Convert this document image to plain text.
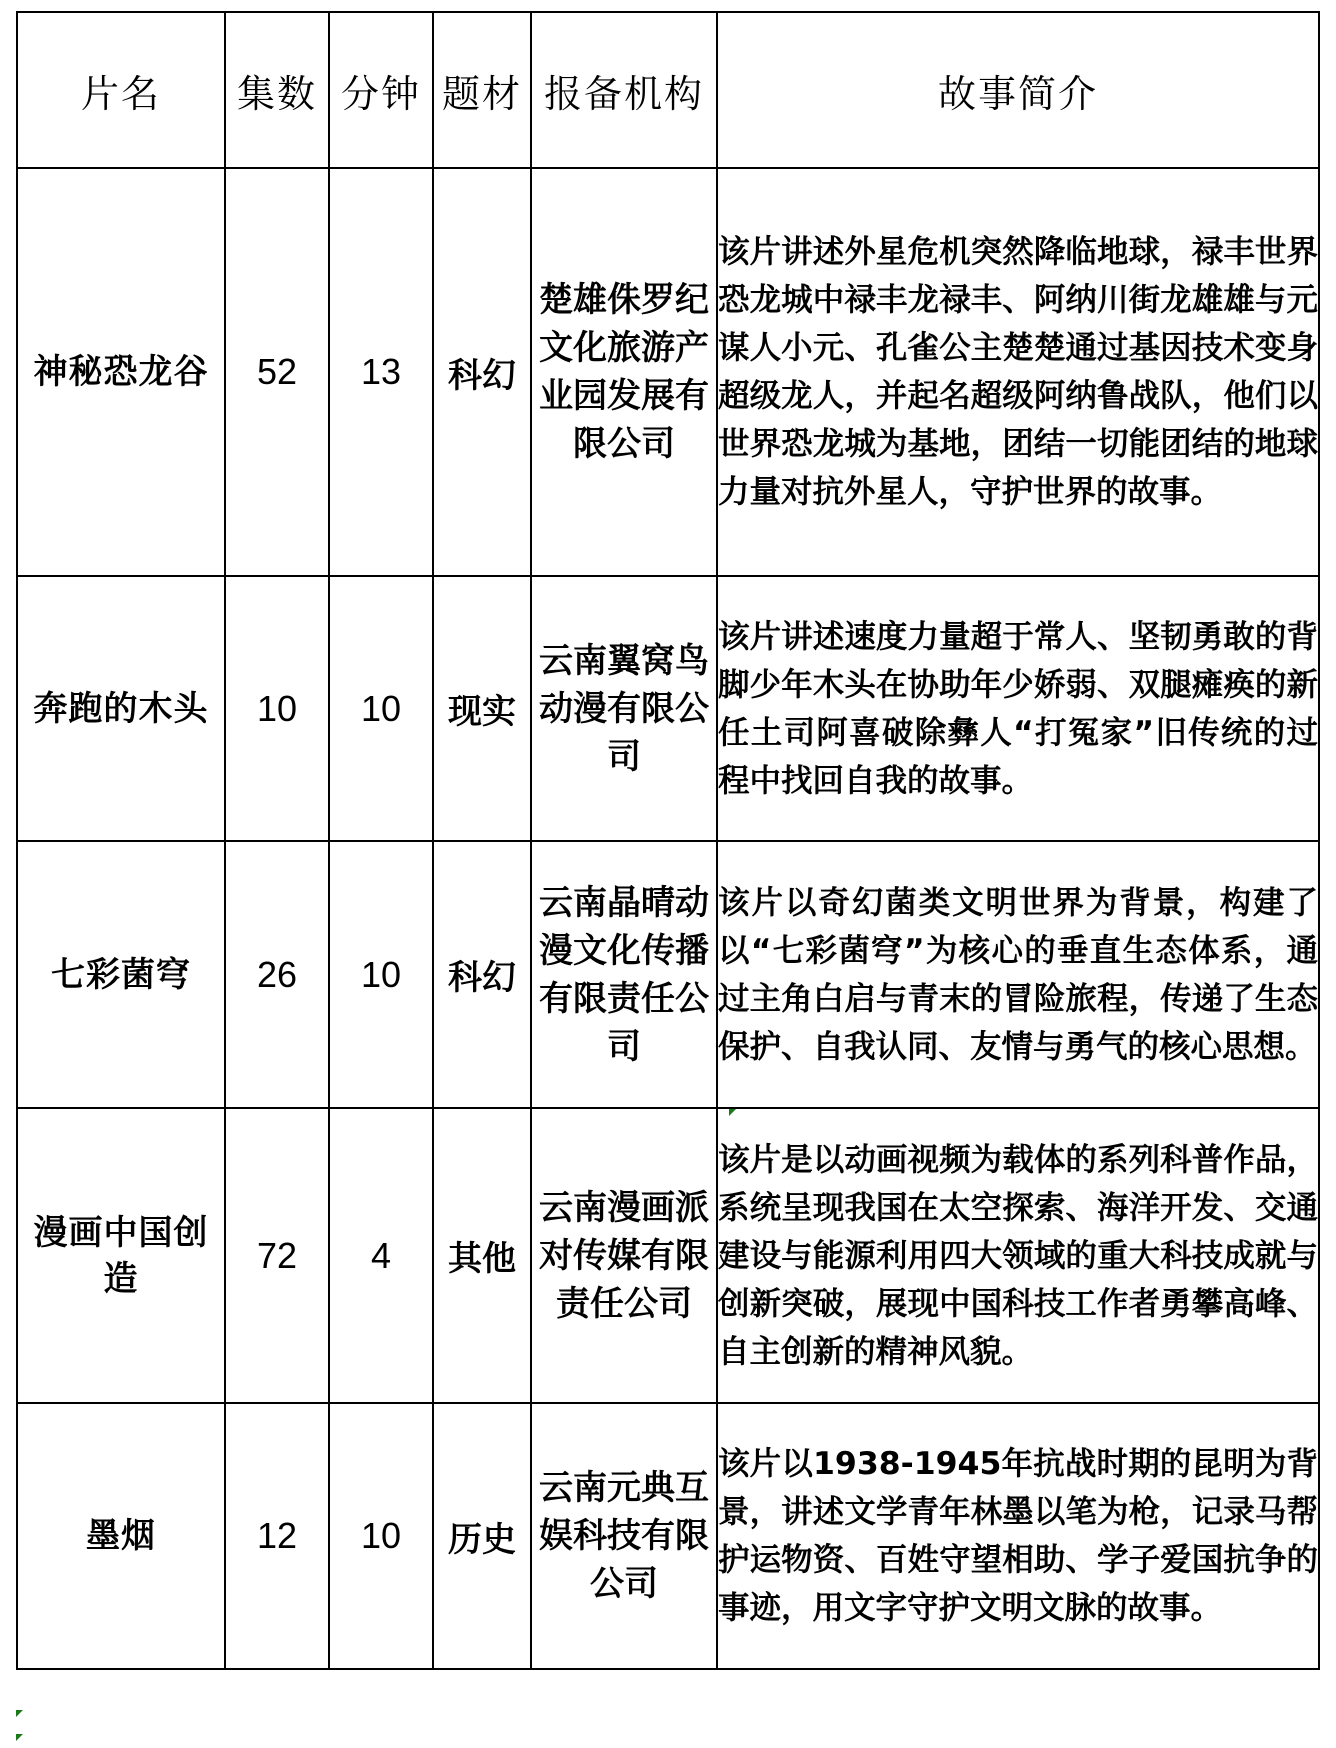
片名	集数	分钟	题材	报备机构	故事简介
神秘恐龙谷	52	13	科幻	楚雄侏罗纪文化旅游产业园发展有限公司	该片讲述外星危机突然降临地球，禄丰世界恐龙城中禄丰龙禄丰、阿纳川街龙雄雄与元谋人小元、孔雀公主楚楚通过基因技术变身超级龙人，并起名超级阿纳鲁战队，他们以世界恐龙城为基地，团结一切能团结的地球力量对抗外星人，守护世界的故事。
奔跑的木头	10	10	现实	云南翼窝鸟动漫有限公司	该片讲述速度力量超于常人、坚韧勇敢的背脚少年木头在协助年少娇弱、双腿瘫痪的新任土司阿喜破除彝人“打冤家”旧传统的过程中找回自我的故事。
七彩菌穹	26	10	科幻	云南晶晴动漫文化传播有限责任公司	该片以奇幻菌类文明世界为背景，构建了以“七彩菌穹”为核心的垂直生态体系，通过主角白启与青末的冒险旅程，传递了生态保护、自我认同、友情与勇气的核心思想。
漫画中国创造	72	4	其他	云南漫画派对传媒有限责任公司	该片是以动画视频为载体的系列科普作品，系统呈现我国在太空探索、海洋开发、交通建设与能源利用四大领域的重大科技成就与创新突破，展现中国科技工作者勇攀高峰、自主创新的精神风貌。
墨烟	12	10	历史	云南元典互娱科技有限公司	该片以1938-1945年抗战时期的昆明为背景，讲述文学青年林墨以笔为枪，记录马帮护运物资、百姓守望相助、学子爱国抗争的事迹，用文字守护文明文脉的故事。
